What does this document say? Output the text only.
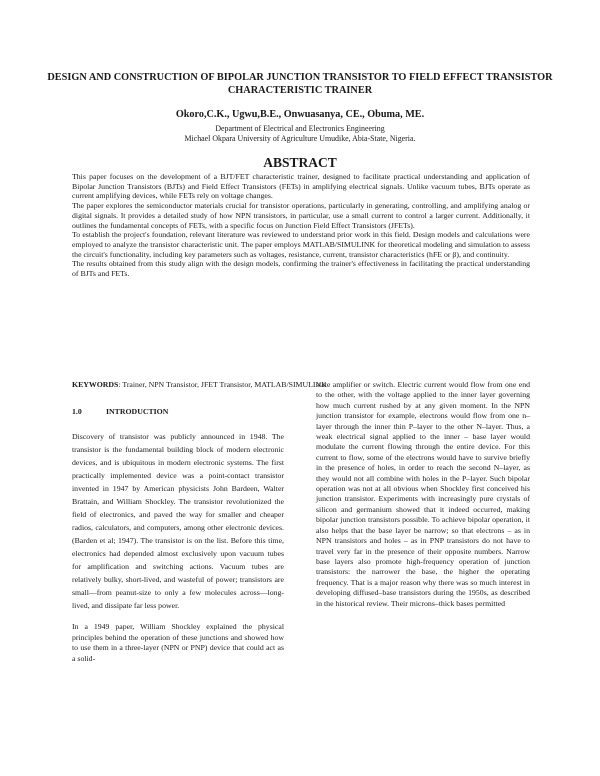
DESIGN AND CONSTRUCTION OF BIPOLAR JUNCTION TRANSISTOR TO FIELD EFFECT TRANSISTOR CHARACTERISTIC TRAINER
Okoro,C.K., Ugwu,B.E., Onwuasanya, CE., Obuma, ME.
Department of Electrical and Electronics Engineering
Michael Okpara University of Agriculture Umudike, Abia-State, Nigeria.
ABSTRACT

This paper focuses on the development of a BJT/FET characteristic trainer, designed to facilitate practical understanding and application of Bipolar Junction Transistors (BJTs) and Field Effect Transistors (FETs) in amplifying electrical signals. Unlike vacuum tubes, BJTs operate as current amplifying devices, while FETs rely on voltage changes.

The paper explores the semiconductor materials crucial for transistor operations, particularly in generating, controlling, and amplifying analog or digital signals. It provides a detailed study of how NPN transistors, in particular, use a small current to control a larger current. Additionally, it outlines the fundamental concepts of FETs, with a specific focus on Junction Field Effect Transistors (JFETs).

To establish the project's foundation, relevant literature was reviewed to understand prior work in this field. Design models and calculations were employed to analyze the transistor characteristic unit. The paper employs MATLAB/SIMULINK for theoretical modeling and simulation to assess the circuit's functionality, including key parameters such as voltages, resistance, current, transistor characteristics (hFE or β), and continuity.

The results obtained from this study align with the design models, confirming the trainer's effectiveness in facilitating the practical understanding of BJTs and FETs.

KEYWORDS: Trainer, NPN Transistor, JFET Transistor, MATLAB/SIMULINK
1.0	INTRODUCTION

Discovery of transistor was publicly announced in 1948. The transistor is the fundamental building block of modern electronic devices, and is ubiquitous in modern electronic systems. The first practically implemented device was a point-contact transistor invented in 1947 by American physicists John Bardeen, Walter Brattain, and William Shockley. The transistor revolutionized the field of electronics, and paved the way for smaller and cheaper radios, calculators, and computers, among other electronic devices. (Barden et al; 1947). The transistor is on the list. Before this time, electronics had depended almost exclusively upon vacuum tubes for amplification and switching actions. Vacuum tubes are relatively bulky, short-lived, and wasteful of power; transistors are small—from peanut-size to only a few molecules across—long-lived, and dissipate far less power.

In a 1949 paper, William Shockley explained the physical principles behind the operation of these junctions and showed how to use them in a three-layer (NPN or PNP) device that could act as a solid-

state amplifier or switch. Electric current would flow from one end to the other, with the voltage applied to the inner layer governing how much current rushed by at any given moment. In the NPN junction transistor for example, electrons would flow from one n–layer through the inner thin P–layer to the other N–layer. Thus, a weak electrical signal applied to the inner – base layer would modulate the current flowing through the entire device. For this current to flow, some of the electrons would have to survive briefly in the presence of holes, in order to reach the second N–layer, as they would not all combine with holes in the P–layer. Such bipolar operation was not at all obvious when Shockley first conceived his junction transistor. Experiments with increasingly pure crystals of silicon and germanium showed that it indeed occurred, making bipolar junction transistors possible. To achieve bipolar operation, it also helps that the base layer be narrow; so that electrons – as in NPN transistors and holes – as in PNP transistors do not have to travel very far in the presence of their opposite numbers. Narrow base layers also promote high-frequency operation of junction transistors: the narrower the base, the higher the operating frequency. That is a major reason why there was so much interest in developing diffused–base transistors during the 1950s, as described in the historical review. Their microns–thick bases permitted
